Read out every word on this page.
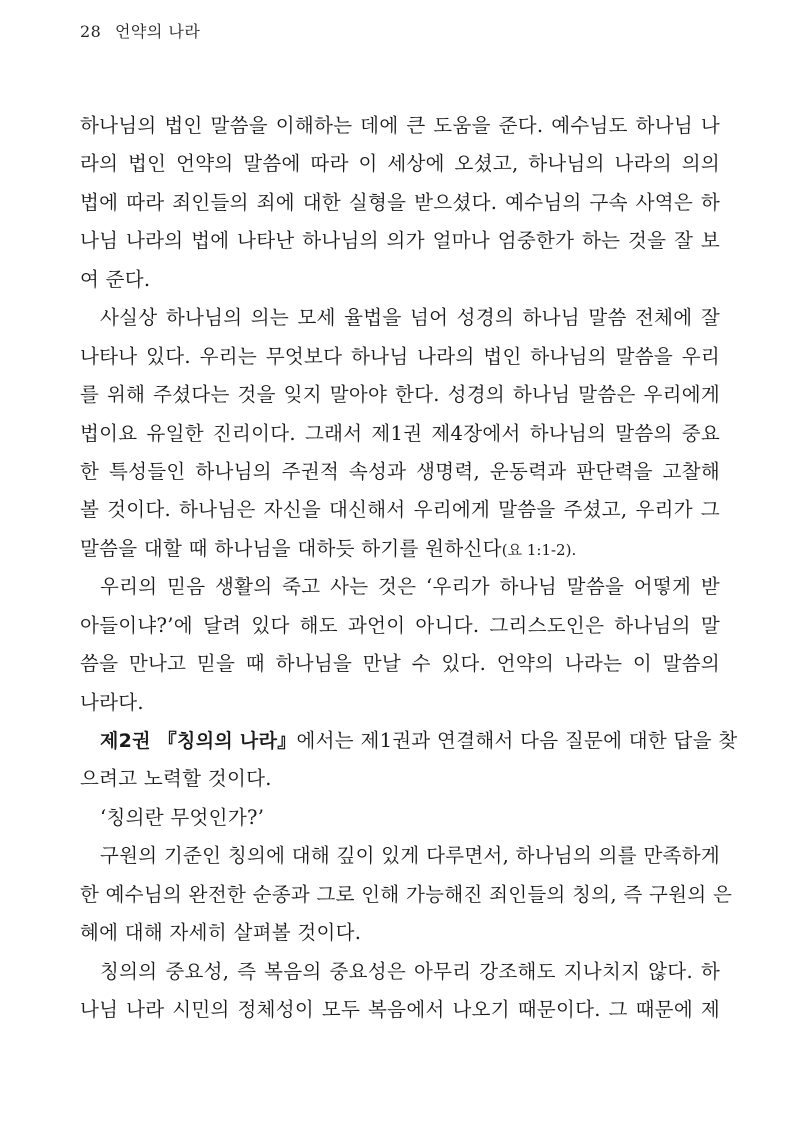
28 언약의 나라
하나님의 법인 말씀을 이해하는 데에 큰 도움을 준다. 예수님도 하나님 나
라의 법인 언약의 말씀에 따라 이 세상에 오셨고, 하나님의 나라의 의의
법에 따라 죄인들의 죄에 대한 실형을 받으셨다. 예수님의 구속 사역은 하
나님 나라의 법에 나타난 하나님의 의가 얼마나 엄중한가 하는 것을 잘 보
여 준다.
사실상 하나님의 의는 모세 율법을 넘어 성경의 하나님 말씀 전체에 잘
나타나 있다. 우리는 무엇보다 하나님 나라의 법인 하나님의 말씀을 우리
를 위해 주셨다는 것을 잊지 말아야 한다. 성경의 하나님 말씀은 우리에게
법이요 유일한 진리이다. 그래서 제1권 제4장에서 하나님의 말씀의 중요
한 특성들인 하나님의 주권적 속성과 생명력, 운동력과 판단력을 고찰해
볼 것이다. 하나님은 자신을 대신해서 우리에게 말씀을 주셨고, 우리가 그
말씀을 대할 때 하나님을 대하듯 하기를 원하신다(요 1:1-2).
우리의 믿음 생활의 죽고 사는 것은 ‘우리가 하나님 말씀을 어떻게 받
아들이냐?’에 달려 있다 해도 과언이 아니다. 그리스도인은 하나님의 말
씀을 만나고 믿을 때 하나님을 만날 수 있다. 언약의 나라는 이 말씀의
나라다.
제2권 『칭의의 나라』에서는 제1권과 연결해서 다음 질문에 대한 답을 찾
으려고 노력할 것이다.
‘칭의란 무엇인가?’
구원의 기준인 칭의에 대해 깊이 있게 다루면서, 하나님의 의를 만족하게
한 예수님의 완전한 순종과 그로 인해 가능해진 죄인들의 칭의, 즉 구원의 은
혜에 대해 자세히 살펴볼 것이다.
칭의의 중요성, 즉 복음의 중요성은 아무리 강조해도 지나치지 않다. 하
나님 나라 시민의 정체성이 모두 복음에서 나오기 때문이다. 그 때문에 제
